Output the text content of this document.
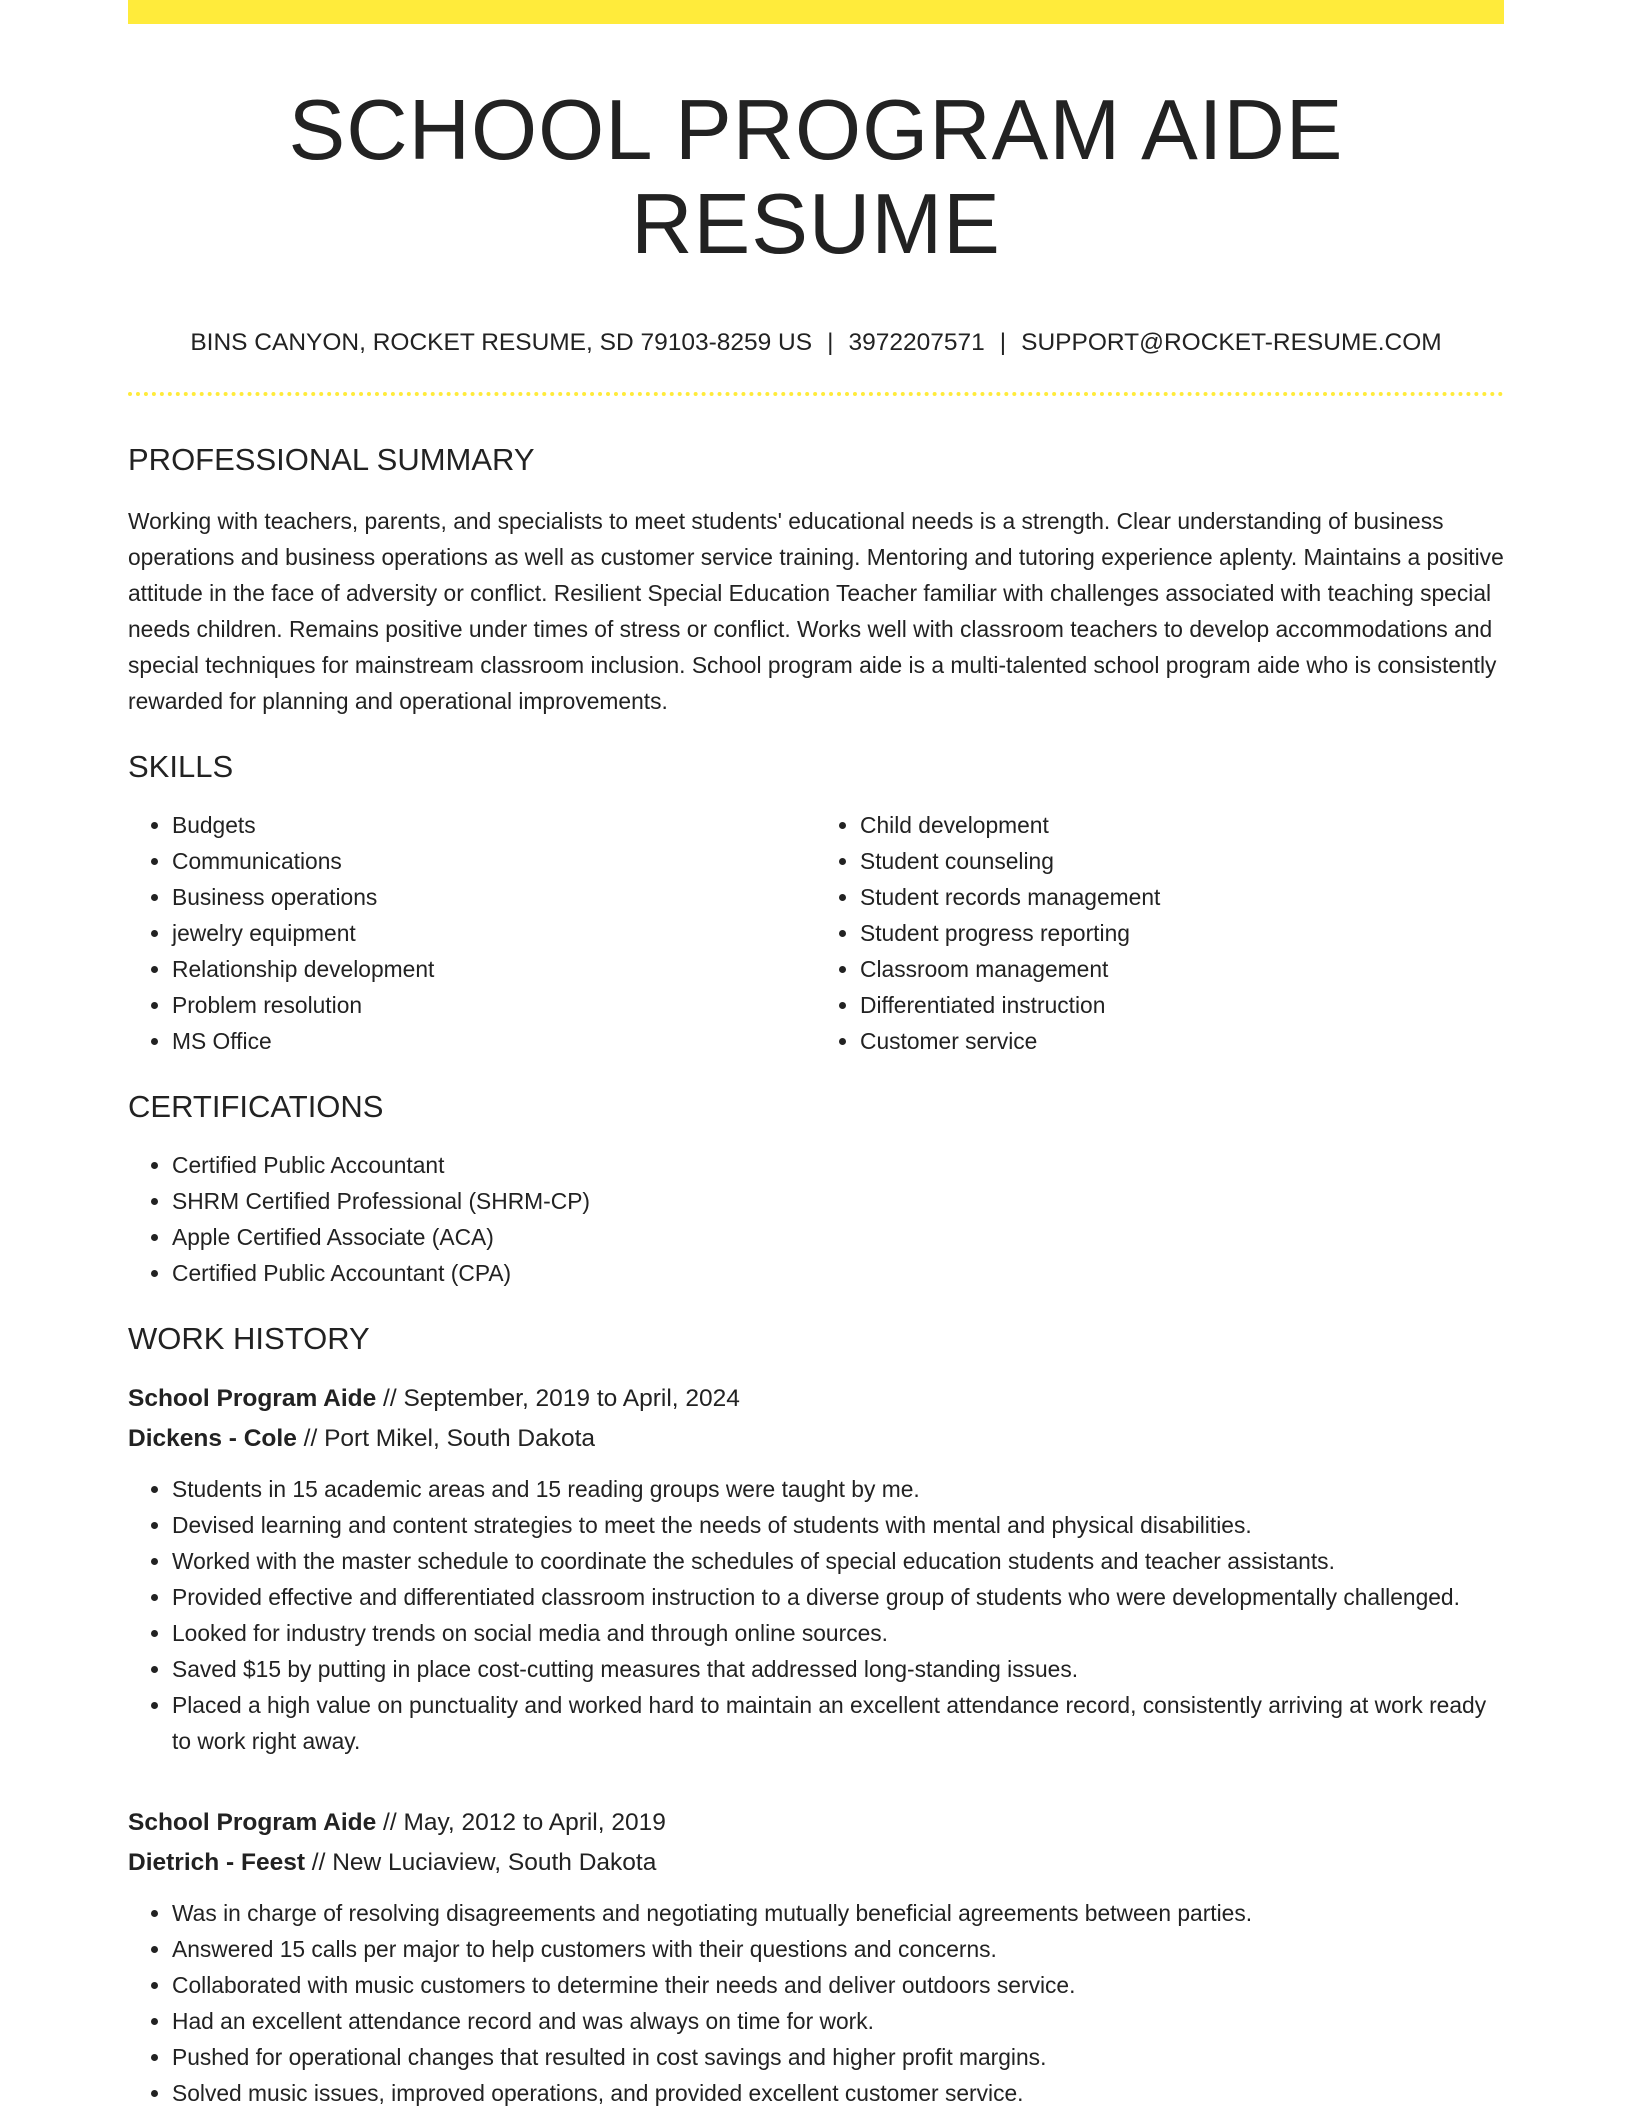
SCHOOL PROGRAM AIDE RESUME
BINS CANYON, ROCKET RESUME, SD 79103-8259 US | 3972207571 | SUPPORT@ROCKET-RESUME.COM
PROFESSIONAL SUMMARY

Working with teachers, parents, and specialists to meet students' educational needs is a strength. Clear understanding of business operations and business operations as well as customer service training. Mentoring and tutoring experience aplenty. Maintains a positive attitude in the face of adversity or conflict. Resilient Special Education Teacher familiar with challenges associated with teaching special needs children. Remains positive under times of stress or conflict. Works well with classroom teachers to develop accommodations and special techniques for mainstream classroom inclusion. School program aide is a multi-talented school program aide who is consistently rewarded for planning and operational improvements.

SKILLS
• Budgets
• Communications
• Business operations
• jewelry equipment
• Relationship development
• Problem resolution
• MS Office
• Child development
• Student counseling
• Student records management
• Student progress reporting
• Classroom management
• Differentiated instruction
• Customer service
CERTIFICATIONS
• Certified Public Accountant
• SHRM Certified Professional (SHRM-CP)
• Apple Certified Associate (ACA)
• Certified Public Accountant (CPA)
WORK HISTORY
School Program Aide // September, 2019 to April, 2024
Dickens - Cole // Port Mikel, South Dakota
• Students in 15 academic areas and 15 reading groups were taught by me.
• Devised learning and content strategies to meet the needs of students with mental and physical disabilities.
• Worked with the master schedule to coordinate the schedules of special education students and teacher assistants.
• Provided effective and differentiated classroom instruction to a diverse group of students who were developmentally challenged.
• Looked for industry trends on social media and through online sources.
• Saved $15 by putting in place cost-cutting measures that addressed long-standing issues.
• Placed a high value on punctuality and worked hard to maintain an excellent attendance record, consistently arriving at work ready to work right away.
School Program Aide // May, 2012 to April, 2019
Dietrich - Feest // New Luciaview, South Dakota
• Was in charge of resolving disagreements and negotiating mutually beneficial agreements between parties.
• Answered 15 calls per major to help customers with their questions and concerns.
• Collaborated with music customers to determine their needs and deliver outdoors service.
• Had an excellent attendance record and was always on time for work.
• Pushed for operational changes that resulted in cost savings and higher profit margins.
• Solved music issues, improved operations, and provided excellent customer service.
